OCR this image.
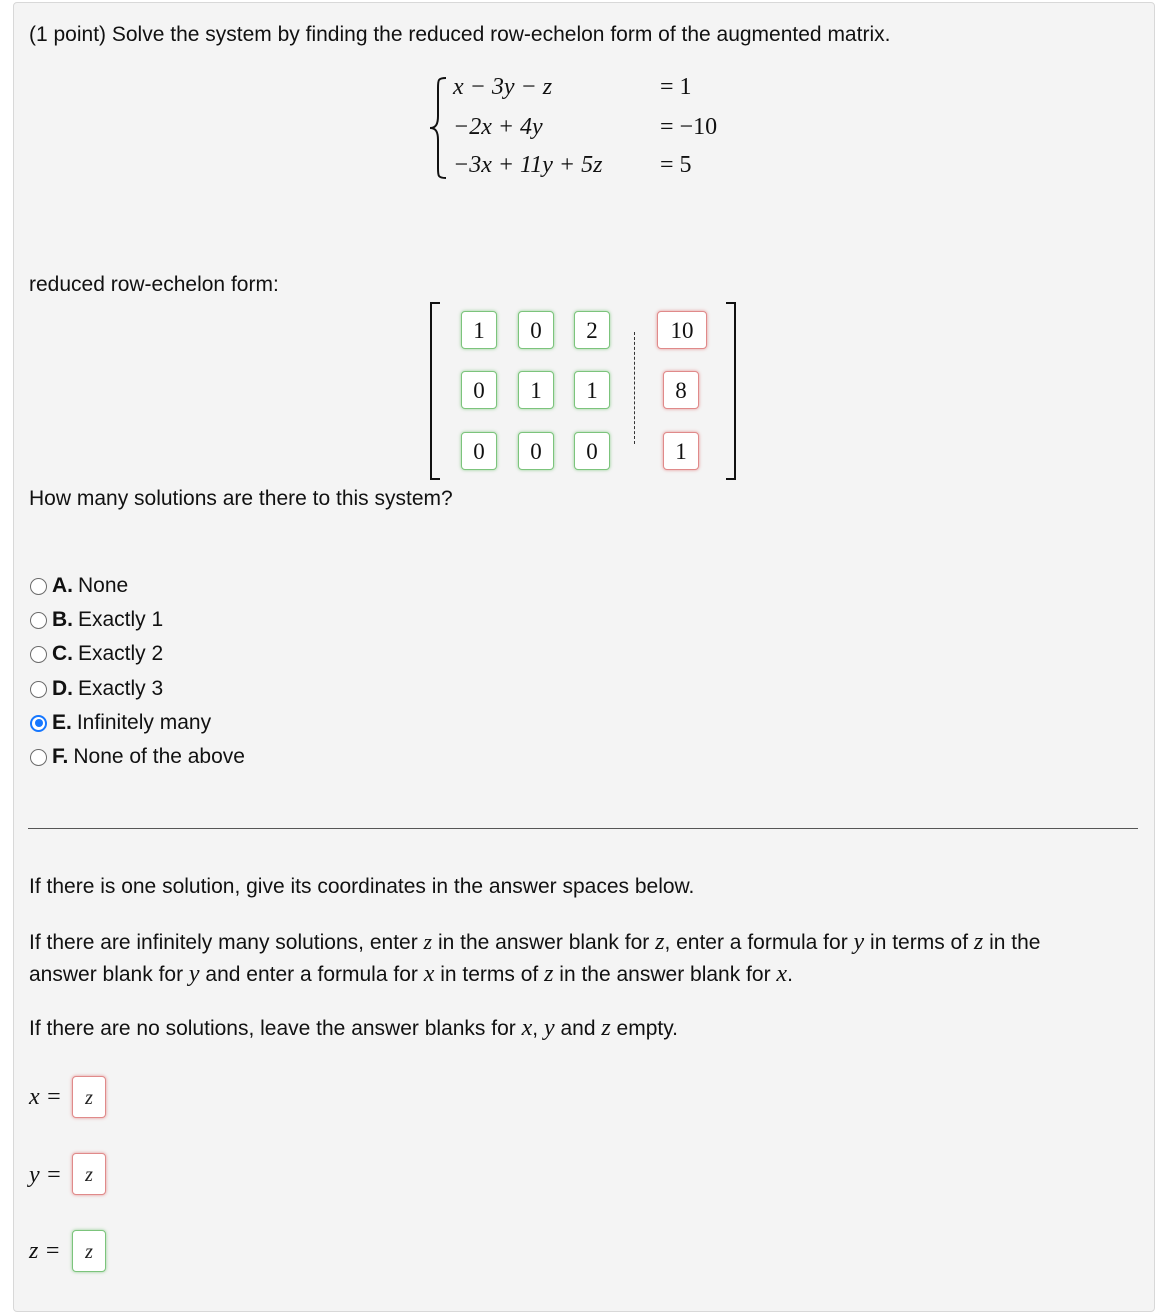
(1 point) Solve the system by finding the reduced row-echelon form of the augmented matrix.
x − 3y − z	= 1
−2x + 4y	= −10
−3x + 11y + 5z = 5
reduced row-echelon form:
1	0	2	10
0	1	1	8
0	0	0	1
How many solutions are there to this system?
A. None
B. Exactly 1
C. Exactly 2
D. Exactly 3
E. Infinitely many
F. None of the above
If there is one solution, give its coordinates in the answer spaces below.
If there are infinitely many solutions, enter z in the answer blank for z, enter a formula for y in terms of z in the
answer blank for y and enter a formula for x in terms of z in the answer blank for x.
If there are no solutions, leave the answer blanks for x, y and z empty.
x =	z
y =	z
z =	z
